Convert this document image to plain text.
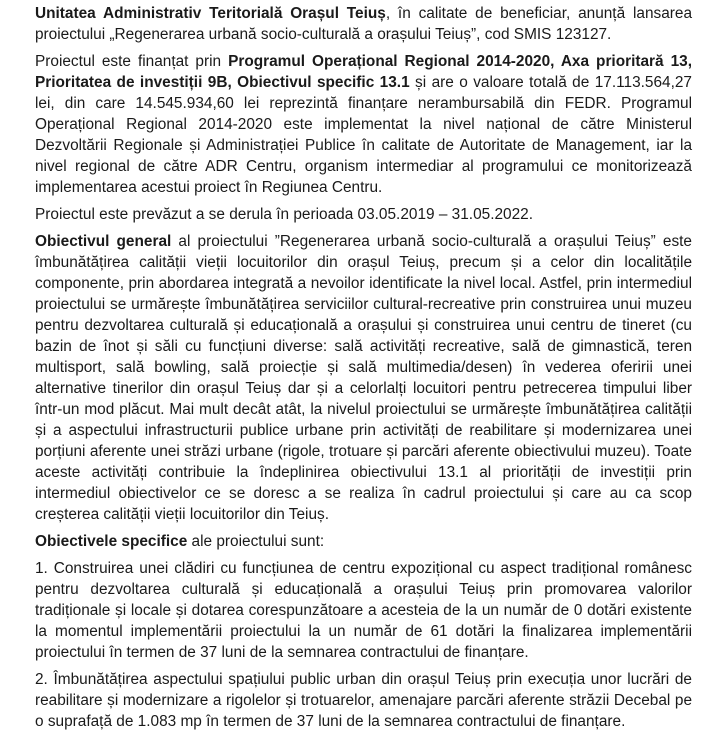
Unitatea Administrativ Teritorială Orașul Teiuș, în calitate de beneficiar, anunță lansarea proiectului „Regenerarea urbană socio-culturală a orașului Teiuș”, cod SMIS 123127.

Proiectul este finanțat prin Programul Operațional Regional 2014-2020, Axa prioritară 13, Prioritatea de investiții 9B, Obiectivul specific 13.1 și are o valoare totală de 17.113.564,27 lei, din care 14.545.934,60 lei reprezintă finanțare nerambursabilă din FEDR. Programul Operațional Regional 2014-2020 este implementat la nivel național de către Ministerul Dezvoltării Regionale și Administrației Publice în calitate de Autoritate de Management, iar la nivel regional de către ADR Centru, organism intermediar al programului ce monitorizează implementarea acestui proiect în Regiunea Centru.

Proiectul este prevăzut a se derula în perioada 03.05.2019 – 31.05.2022.

Obiectivul general al proiectului ”Regenerarea urbană socio-culturală a orașului Teiuș” este îmbunătățirea calității vieții locuitorilor din orașul Teiuș, precum și a celor din localitățile componente, prin abordarea integrată a nevoilor identificate la nivel local. Astfel, prin intermediul proiectului se urmărește îmbunătățirea serviciilor cultural-recreative prin construirea unui muzeu pentru dezvoltarea culturală și educațională a orașului și construirea unui centru de tineret (cu bazin de înot și săli cu funcțiuni diverse: sală activități recreative, sală de gimnastică, teren multisport, sală bowling, sală proiecție și sală multimedia/desen) în vederea oferirii unei alternative tinerilor din orașul Teiuș dar și a celorlalți locuitori pentru petrecerea timpului liber într-un mod plăcut. Mai mult decât atât, la nivelul proiectului se urmărește îmbunătățirea calității și a aspectului infrastructurii publice urbane prin activități de reabilitare și modernizarea unei porțiuni aferente unei străzi urbane (rigole, trotuare și parcări aferente obiectivului muzeu). Toate aceste activități contribuie la îndeplinirea obiectivului 13.1 al priorității de investiții prin intermediul obiectivelor ce se doresc a se realiza în cadrul proiectului și care au ca scop creșterea calității vieții locuitorilor din Teiuș.

Obiectivele specifice ale proiectului sunt:

1. Construirea unei clădiri cu funcțiunea de centru expozițional cu aspect tradițional românesc pentru dezvoltarea culturală și educațională a orașului Teiuș prin promovarea valorilor tradiționale și locale și dotarea corespunzătoare a acesteia de la un număr de 0 dotări existente la momentul implementării proiectului la un număr de 61 dotări la finalizarea implementării proiectului în termen de 37 luni de la semnarea contractului de finanțare.

2. Îmbunătățirea aspectului spațiului public urban din orașul Teiuș prin execuția unor lucrări de reabilitare și modernizare a rigolelor și trotuarelor, amenajare parcări aferente străzii Decebal pe o suprafață de 1.083 mp în termen de 37 luni de la semnarea contractului de finanțare.
